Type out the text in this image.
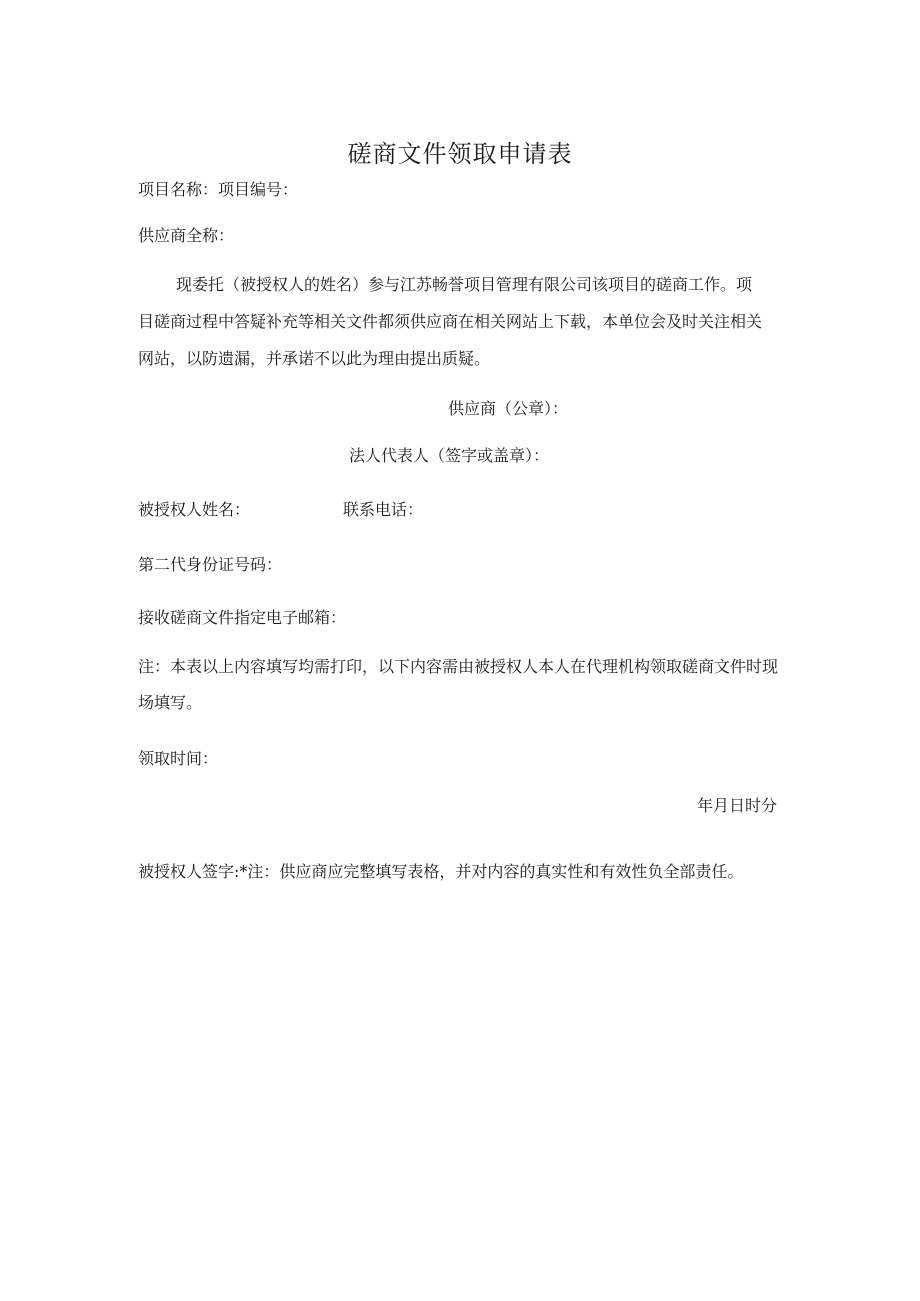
磋商文件领取申请表
项目名称：项目编号：
供应商全称：
现委托（被授权人的姓名）参与江苏畅誉项目管理有限公司该项目的磋商工作。项目磋商过程中答疑补充等相关文件都须供应商在相关网站上下载，本单位会及时关注相关网站，以防遗漏，并承诺不以此为理由提出质疑。
供应商（公章）：
法人代表人（签字或盖章）：
被授权人姓名：	联系电话：
第二代身份证号码：
接收磋商文件指定电子邮箱：
注：本表以上内容填写均需打印，以下内容需由被授权人本人在代理机构领取磋商文件时现场填写。
领取时间：
年月日时分
被授权人签字:*注：供应商应完整填写表格，并对内容的真实性和有效性负全部责任。
